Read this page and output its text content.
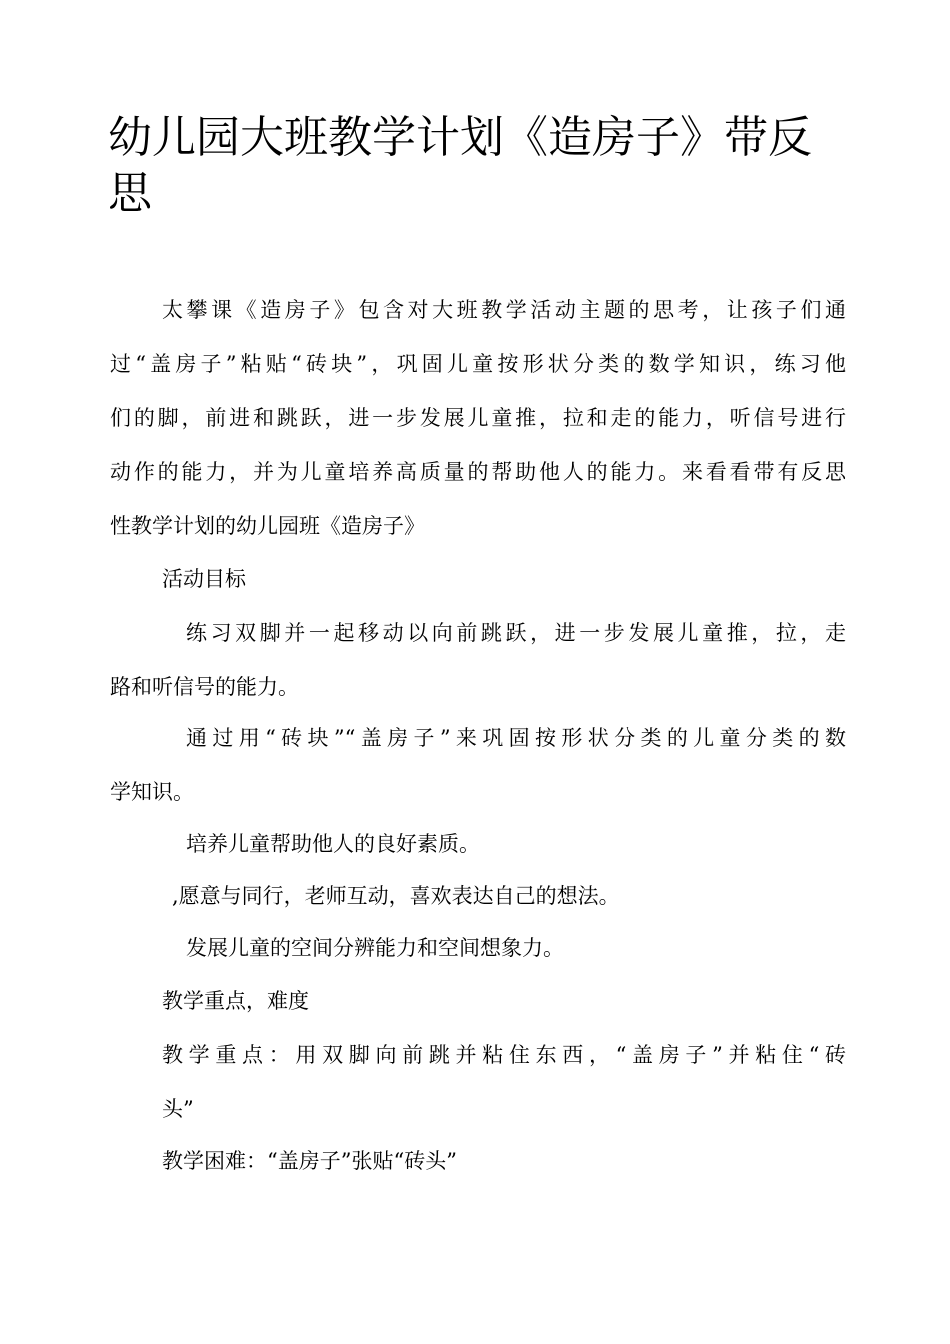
幼儿园大班教学计划《造房子》带反思
太攀课《造房子》包含对大班教学活动主题的思考，让孩子们通
过“盖房子”粘贴“砖块”，巩固儿童按形状分类的数学知识，练习他
们的脚，前进和跳跃，进一步发展儿童推，拉和走的能力，听信号进行
动作的能力，并为儿童培养高质量的帮助他人的能力。来看看带有反思
性教学计划的幼儿园班《造房子》
活动目标
练习双脚并一起移动以向前跳跃，进一步发展儿童推，拉，走
路和听信号的能力。
通过用“砖块”“盖房子”来巩固按形状分类的儿童分类的数
学知识。
培养儿童帮助他人的良好素质。
,愿意与同行，老师互动，喜欢表达自己的想法。
发展儿童的空间分辨能力和空间想象力。
教学重点，难度
教学重点：用双脚向前跳并粘住东西，“盖房子”并粘住“砖
头”
教学困难：“盖房子”张贴“砖头”
